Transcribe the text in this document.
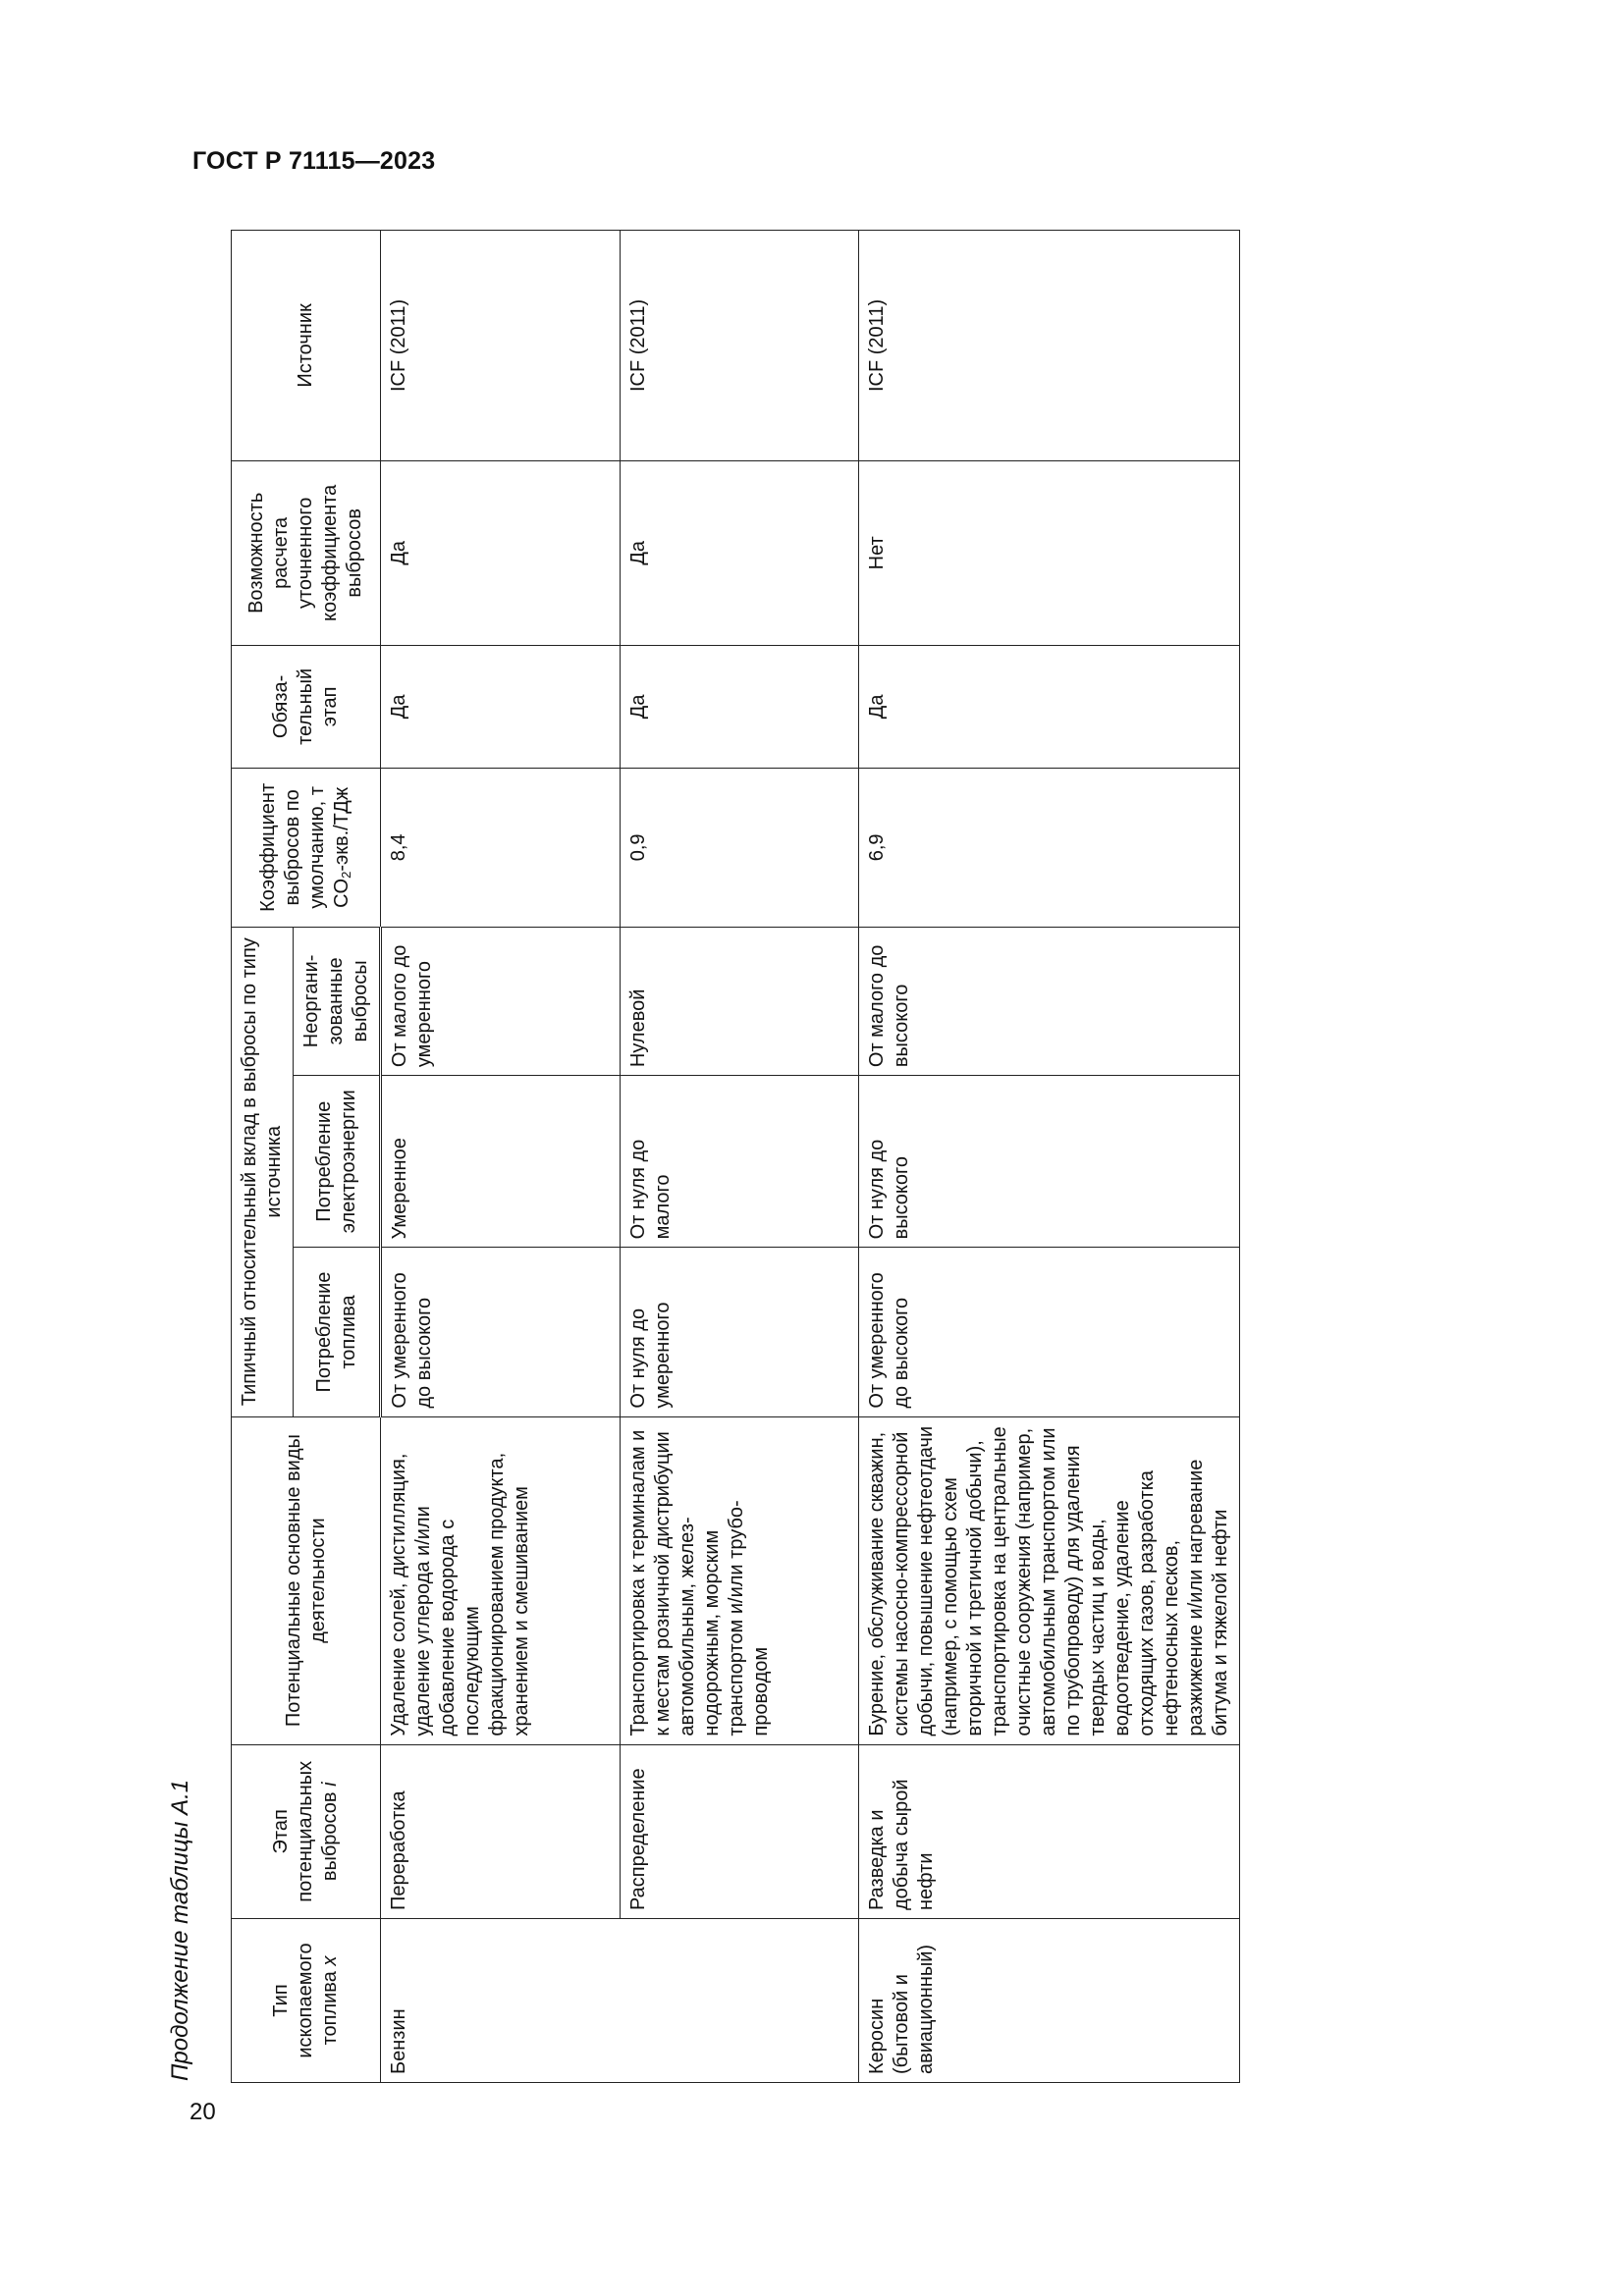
ГОСТ Р 71115—2023
20
Продолжение таблицы А.1	Тип ископаемого топлива x	Этап потенциальных выбросов i	Потенциальные основные виды деятельности	Типичный относительный вклад в выбросы по типу источника			Коэффициент выбросов по умолчанию, т $CO_2-экв$./ТДж	Обязательный этап	Возможность расчета уточненного коэффициента выбросов	Источник
			Потребление топлива	Потребление электроэнергии	Неорганизованные выбросы				
Бензин	Переработка	Удаление солей, дистилляция, удаление углерода и/или добавление водорода с последующим фракционированием продукта, хранением и смешиванием	От умеренного до высокого	Умеренное	От малого до умеренного	8,4	Да	Да	ICF (2011)
	Распределение	Транспортировка к терминалам и к местам розничной дистрибуции автомобильным, железнодорожным, морским транспортом и/или трубопроводом	От нуля до умеренного	От нуля до малого	Нулевой	0,9	Да	Да	ICF (2011)
Керосин (бытовой и авиационный)	Разведка и добыча сырой нефти	Бурение, обслуживание скважин, системы насосно-компрессорной добычи, повышение нефтеотдачи (например, с помощью схем вторичной и третичной добычи), транспортировка на центральные очистные сооружения (например, автомобильным транспортом или по трубопроводу) для удаления твердых частиц и воды, водоотведение, удаление отходящих газов, разработка нефтеносных песков, разжижение и/или нагревание битума и тяжелой нефти	От умеренного до высокого	От нуля до высокого	От малого до высокого	6,9	Да	Нет	ICF (2011)
